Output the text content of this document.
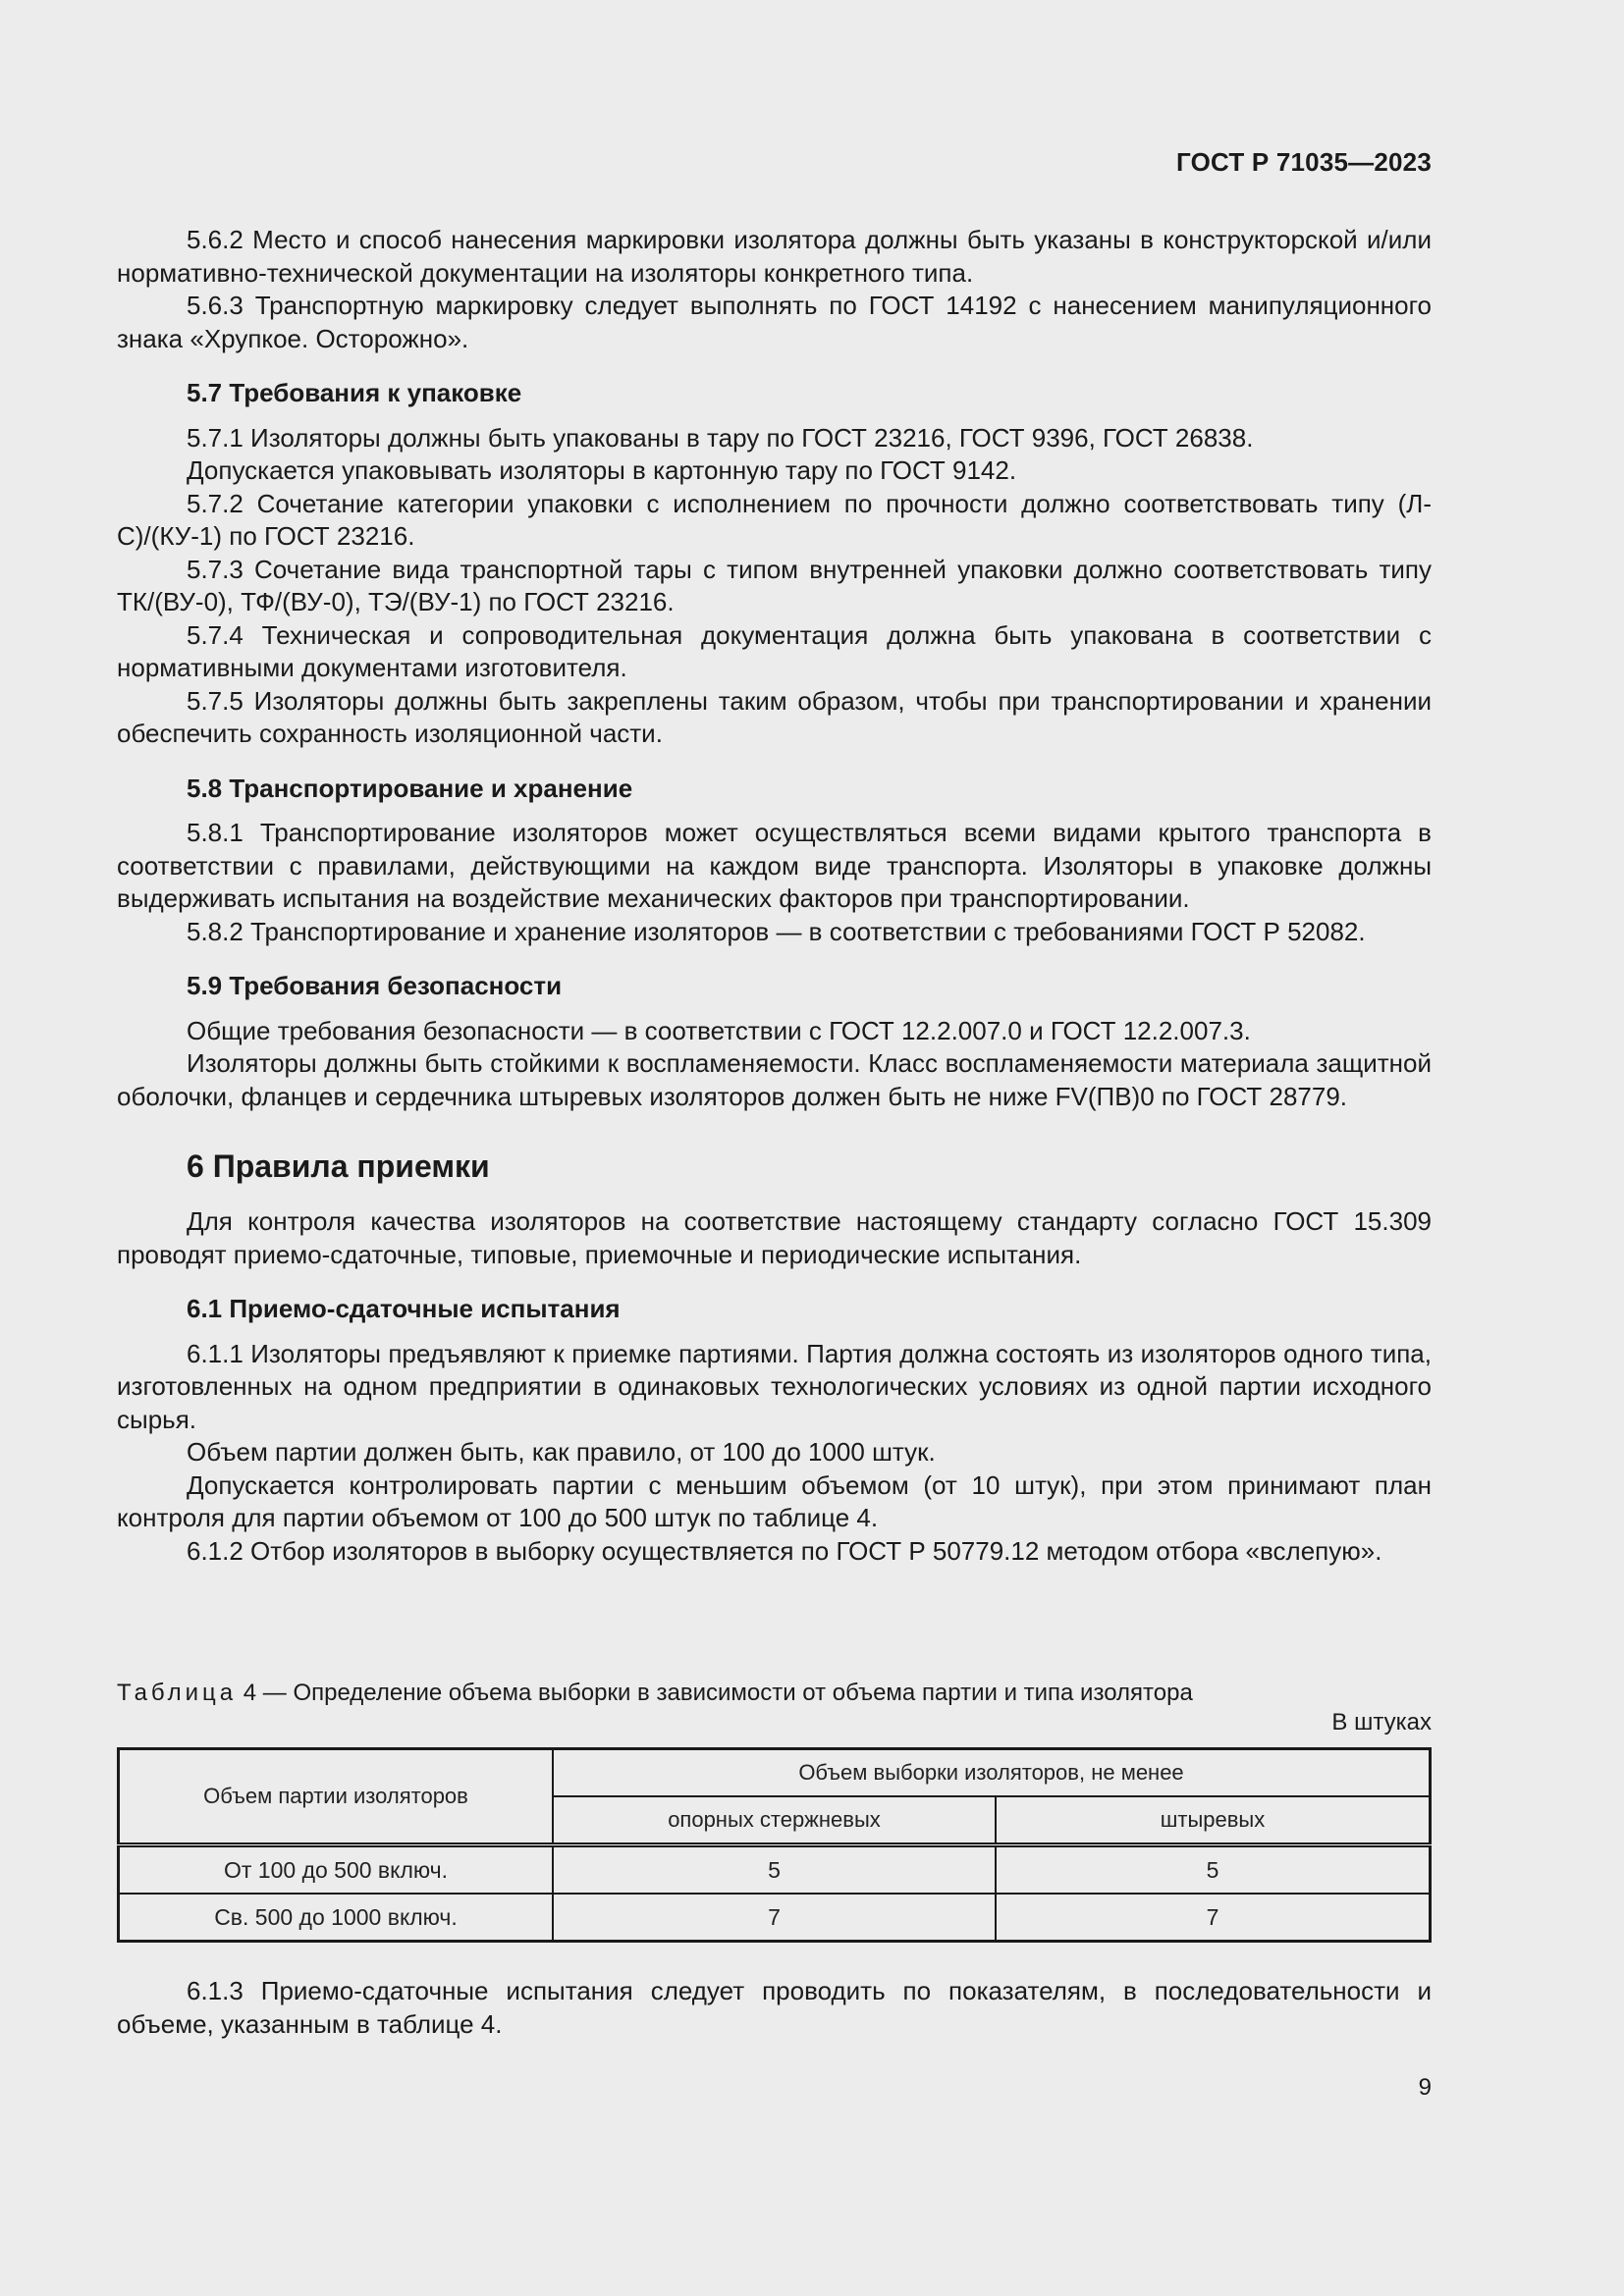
ГОСТ Р 71035—2023

5.6.2 Место и способ нанесения маркировки изолятора должны быть указаны в конструкторской и/или нормативно-технической документации на изоляторы конкретного типа.

5.6.3 Транспортную маркировку следует выполнять по ГОСТ 14192 с нанесением манипуляционного знака «Хрупкое. Осторожно».

5.7 Требования к упаковке

5.7.1 Изоляторы должны быть упакованы в тару по ГОСТ 23216, ГОСТ 9396, ГОСТ 26838.

Допускается упаковывать изоляторы в картонную тару по ГОСТ 9142.

5.7.2 Сочетание категории упаковки с исполнением по прочности должно соответствовать типу (Л-С)/(КУ-1) по ГОСТ 23216.

5.7.3 Сочетание вида транспортной тары с типом внутренней упаковки должно соответствовать типу ТК/(ВУ-0), ТФ/(ВУ-0), ТЭ/(ВУ-1) по ГОСТ 23216.

5.7.4 Техническая и сопроводительная документация должна быть упакована в соответствии с нормативными документами изготовителя.

5.7.5 Изоляторы должны быть закреплены таким образом, чтобы при транспортировании и хранении обеспечить сохранность изоляционной части.

5.8 Транспортирование и хранение

5.8.1 Транспортирование изоляторов может осуществляться всеми видами крытого транспорта в соответствии с правилами, действующими на каждом виде транспорта. Изоляторы в упаковке должны выдерживать испытания на воздействие механических факторов при транспортировании.

5.8.2 Транспортирование и хранение изоляторов — в соответствии с требованиями ГОСТ Р 52082.

5.9 Требования безопасности

Общие требования безопасности — в соответствии с ГОСТ 12.2.007.0 и ГОСТ 12.2.007.3.

Изоляторы должны быть стойкими к воспламеняемости. Класс воспламеняемости материала защитной оболочки, фланцев и сердечника штыревых изоляторов должен быть не ниже FV(ПВ)0 по ГОСТ 28779.

6 Правила приемки

Для контроля качества изоляторов на соответствие настоящему стандарту согласно ГОСТ 15.309 проводят приемо-сдаточные, типовые, приемочные и периодические испытания.

6.1 Приемо-сдаточные испытания

6.1.1 Изоляторы предъявляют к приемке партиями. Партия должна состоять из изоляторов одного типа, изготовленных на одном предприятии в одинаковых технологических условиях из одной партии исходного сырья.

Объем партии должен быть, как правило, от 100 до 1000 штук.

Допускается контролировать партии с меньшим объемом (от 10 штук), при этом принимают план контроля для партии объемом от 100 до 500 штук по таблице 4.

6.1.2 Отбор изоляторов в выборку осуществляется по ГОСТ Р 50779.12 методом отбора «вслепую».

Таблица 4 — Определение объема выборки в зависимости от объема партии и типа изолятора

В штуках

Объем партии изоляторов	Объем выборки изоляторов, не менее	
	опорных стержневых	штыревых
От 100 до 500 включ.	5	5
Св. 500 до 1000 включ.	7	7

6.1.3 Приемо-сдаточные испытания следует проводить по показателям, в последовательности и объеме, указанным в таблице 4.

9
